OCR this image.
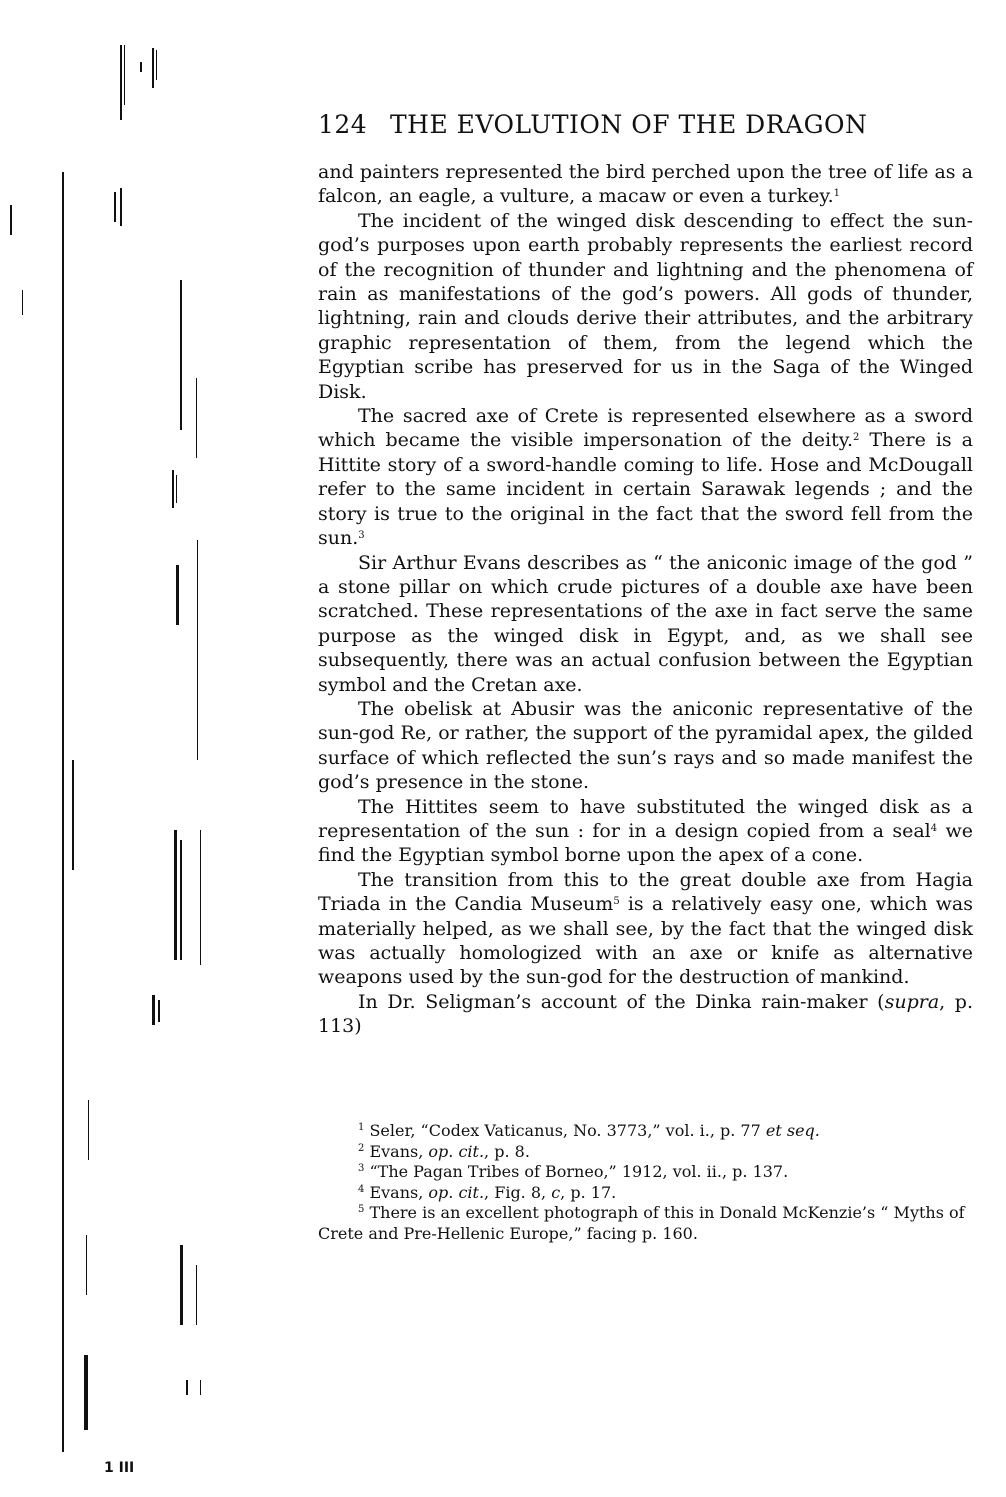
124 THE EVOLUTION OF THE DRAGON

and painters represented the bird perched upon the tree of life as a falcon, an eagle, a vulture, a macaw or even a turkey.$^1$

The incident of the winged disk descending to effect the sun-god’s purposes upon earth probably represents the earliest record of the recognition of thunder and lightning and the phenomena of rain as manifestations of the god’s powers. All gods of thunder, lightning, rain and clouds derive their attributes, and the arbitrary graphic representation of them, from the legend which the Egyptian scribe has preserved for us in the Saga of the Winged Disk.

The sacred axe of Crete is represented elsewhere as a sword which became the visible impersonation of the deity.$^2$ There is a Hittite story of a sword-handle coming to life. Hose and McDougall refer to the same incident in certain Sarawak legends ; and the story is true to the original in the fact that the sword fell from the sun.$^3$

Sir Arthur Evans describes as “ the aniconic image of the god ” a stone pillar on which crude pictures of a double axe have been scratched. These representations of the axe in fact serve the same purpose as the winged disk in Egypt, and, as we shall see subsequently, there was an actual confusion between the Egyptian symbol and the Cretan axe.

The obelisk at Abusir was the aniconic representative of the sun-god Re, or rather, the support of the pyramidal apex, the gilded surface of which reflected the sun’s rays and so made manifest the god’s presence in the stone.

The Hittites seem to have substituted the winged disk as a representation of the sun : for in a design copied from a seal$^4$ we find the Egyptian symbol borne upon the apex of a cone.

The transition from this to the great double axe from Hagia Triada in the Candia Museum$^5$ is a relatively easy one, which was materially helped, as we shall see, by the fact that the winged disk was actually homologized with an axe or knife as alternative weapons used by the sun-god for the destruction of mankind.

In Dr. Seligman’s account of the Dinka rain-maker (supra, p. 113)

$^1$ Seler, “Codex Vaticanus, No. 3773,” vol. i., p. 77 et seq.

$^2$ Evans, op. cit., p. 8.

$^3$ “The Pagan Tribes of Borneo,” 1912, vol. ii., p. 137.

$^4$ Evans, op. cit., Fig. 8, c, p. 17.

$^5$ There is an excellent photograph of this in Donald McKenzie’s “ Myths of Crete and Pre-Hellenic Europe,” facing p. 160.

1 III
